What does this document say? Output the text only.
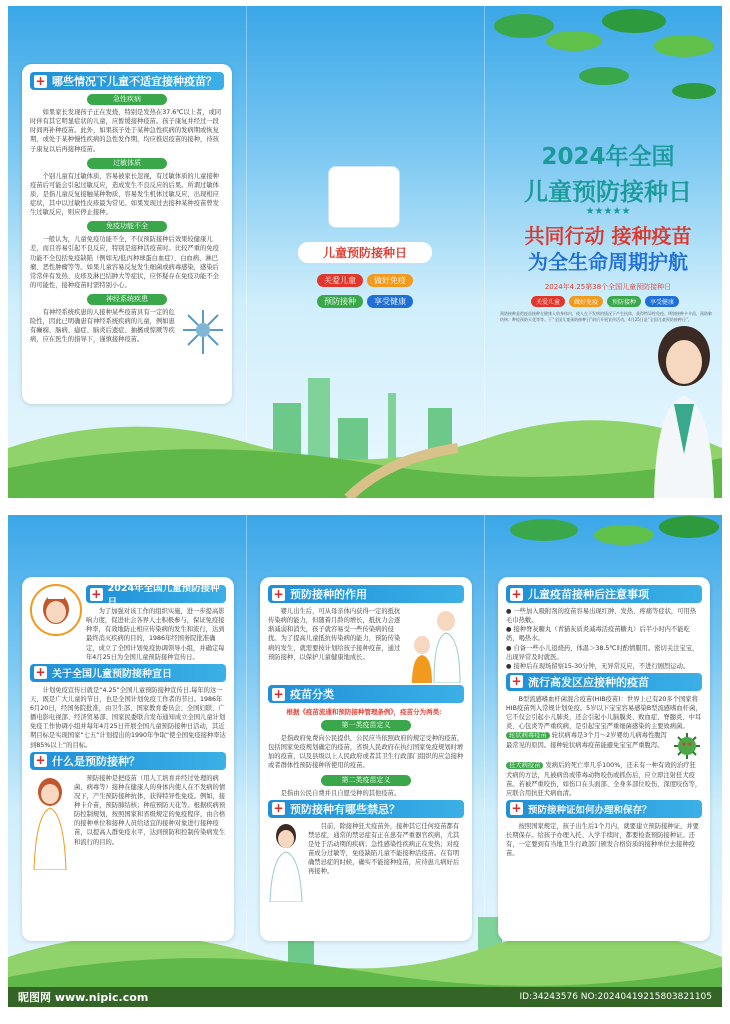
+ 哪些情况下儿童不适宜接种疫苗？
急性疾病

如果家长发现孩子正在发烧，特别是发热在37.6℃以上者，或同时伴有其它明显症状的儿童，应暂缓接种疫苗。孩子康复并经过一段时间再补种疫苗。此外，如果孩子处于某种急性疾病的发病期或恢复期，或处于某种慢性疾病的急性发作期，均应推迟疫苗的接种，待孩子康复以后再接种疫苗。

过敏体质

个别儿童有过敏体质，容易被家长忽视，有过敏体质的儿童接种疫苗后可能会引起过敏反应，造成发生不良反应的后果。所谓过敏体质，是指儿童反复接触某种物质，容易发生机体过敏反应，出现相应症状，其中以过敏性皮疹最为常见。如果发现过去接种某种疫苗曾发生过敏反应，则应停止接种。

免疫功能不全

一般认为，儿童免疫功能不全，不仅预防接种后效果较健康儿差，而且容易引起不良反应，特别是接种活疫苗时。比较严重的免疫功能不全包括免疫缺陷（例如无/低丙种球蛋白血症）、白血病、淋巴瘤、恶性肿瘤等等。如果儿童容易反复发生细菌或病毒感染，感染后常常伴有发热、皮疹及淋巴结肿大等症状，应怀疑存在免疫功能不全的可能性，接种疫苗时需特别小心。

神经系统疾患

有神经系统疾患的人接种某些疫苗具有一定的危险性，因此已明确患有神经系统疾病的儿童，例如患有癫痫、脑病、癔症、脑炎后遗症、抽搐或惊厥等疾病，应在医生的指导下，谨慎接种疫苗。

儿童预防接种日
关爱儿童 做好免疫 预防接种 享受健康
2024年全国
儿童预防接种日
★★★★★
共同行动 接种疫苗
为全生命周期护航
2024年4.25第38个全国儿童预防接种日
关爱儿童 做好免疫 预防接种 享受健康

预防接种是把疫苗接种在健康人的身体内，使人在不发病的情况下产生抗体，获得特异性免疫。例如接种卡介苗，预防肺结核；种痘预防天花等等。于“全国儿童预防接种日”前后开展宣传活动，4月25日是“全国儿童预防接种日”。

+ 2024年全国儿童预防接种日

为了加强对该工作的组织实施，进一步提高影响力度，促进社会各界人士积极参与，保证免疫接种率，有效地防止相应传染病的发生和流行，达到最终消灭疾病的目的，1986年经国务院批准确定，成立了全国计划免疫协调领导小组，并确定每年4月25日为全国儿童预防接种宣传日。

+ 关于全国儿童预防接种宣日

计划免疫宣传日就是“4.25”全国儿童预防接种宣传日,每年的这一天，既是广大儿童的节日，也是全国计划免疫工作者的节日。1986年6月20日，经国务院批准，由卫生部、国家教育委员会、全国妇联、广播电影电视部、经济贸易部、国家民委联合发布通知成立全国儿童计划免疫工作协调小组并每年4月25日开展全国儿童预防接种日活动，其近期目标是实现国家“七五”计划提出的1990年争取“使全国免疫接种率达到85%以上”的目标。

+ 什么是预防接种？

预防接种是把疫苗（用人工培育并经过处理的病菌、病毒等）接种在健康人的身体内使人在不发病的情况下，产生预防接种抗体，获得特异性免疫。例如，接种卡介苗，预防肺结核；种痘预防天花等。根据疾病预防控制规划，按照国家和省级规定的免疫程序，由合格的接种单位和接种人员给适宜的接种对象进行接种疫苗，以提高人群免疫水平，达到预防和控制传染病发生和流行的目的。

+ 预防接种的作用

婴儿出生后，可从母亲体内获得一定的抵抗传染病的能力，但随着月龄的增长，抵抗力会逐渐减弱和消失，孩子就容易受一些传染病的侵扰。为了提高儿童抵抗传染病的能力，预防传染病的发生，就需要按计划给孩子接种疫苗，通过预防接种，以保护儿童健康地成长。

+ 疫苗分类

根据《疫苗流通和预防接种管理条例》，疫苗分为两类：

第一类疫苗定义

是指政府免费向公民提供，公民应当依照政府的规定受种的疫苗，包括国家免疫规划确定的疫苗，省级人民政府在执行国家免疫规划时增加的疫苗，以及县级以上人民政府或者其卫生行政部门组织的应急接种或者群体性预防接种所使用的疫苗。

第二类疫苗定义

是指由公民自费并且自愿受种的其他疫苗。

+ 预防接种有哪些禁忌？

目前，除接种狂犬疫苗外，接种其它任何疫苗都有禁忌症，通常的禁忌症有正在患有严重器官疾病，尤其是处于活动期的疾病；急性感染性疾病正在发热；对疫苗成分过敏等，免疫缺陷儿童不能接种活疫苗。在有明确禁忌症的时候，确实不能接种疫苗，应待患儿病好后再接种。

+ 儿童疫苗接种后注意事项

● 一些加入吸附剂的疫苗容易出现红肿、发热、疼痛等症状，可用热毛巾热敷。

● 接种脊灰糖丸（青猫灰质炎减毒活疫苗糖丸）后半小时内不能吃奶，喝热水。

● 自备一些小儿退烧药，体温＞38.5℃时酌情服用。密切关注宝宝，出现异常及时就医。

● 接种后在现场留察15-30分钟，无异常反应，不进行剧烈运动。

+ 流行高发区应接种的疫苗

B型流感嗜血杆菌混合疫苗(HIB疫苗)：世界上已有20多个国家将HIB疫苗列入常规计划免疫。5岁以下宝宝容易感染B型流感嗜血杆菌，它不仅会引起小儿肺炎，还会引起小儿脑膜炎、败血症、脊髓炎、中耳炎、心包炎等严重疾病，是引起宝宝严重细菌感染的主要致病菌。

轮状病毒疫苗 轮状病毒是3个月～2岁婴幼儿病毒性腹泻最常见的原因。接种轮状病毒疫苗能避免宝宝严重腹泻。

狂犬病疫苗 发病后的死亡率几乎100%，还未有一种有效的治疗狂犬病的方法，凡被病兽或带毒动物咬伤或抓伤后，应立即注射狂犬疫苗。若被严重咬伤，如伤口在头面部、全身多部位咬伤、深度咬伤等，应联合用抗狂犬病血清。

+ 预防接种证如何办理和保存？

按照国家规定，孩子出生后1个月内，就要建立预防接种证，并要长期保存。给孩子办理入托、入学手续时，都要检查预防接种证。还有，一定要到有当地卫生行政部门颁发合格资质的接种单位去接种疫苗。

昵图网 www.nipic.com	ID:34243576 NO:20240419215803821105
